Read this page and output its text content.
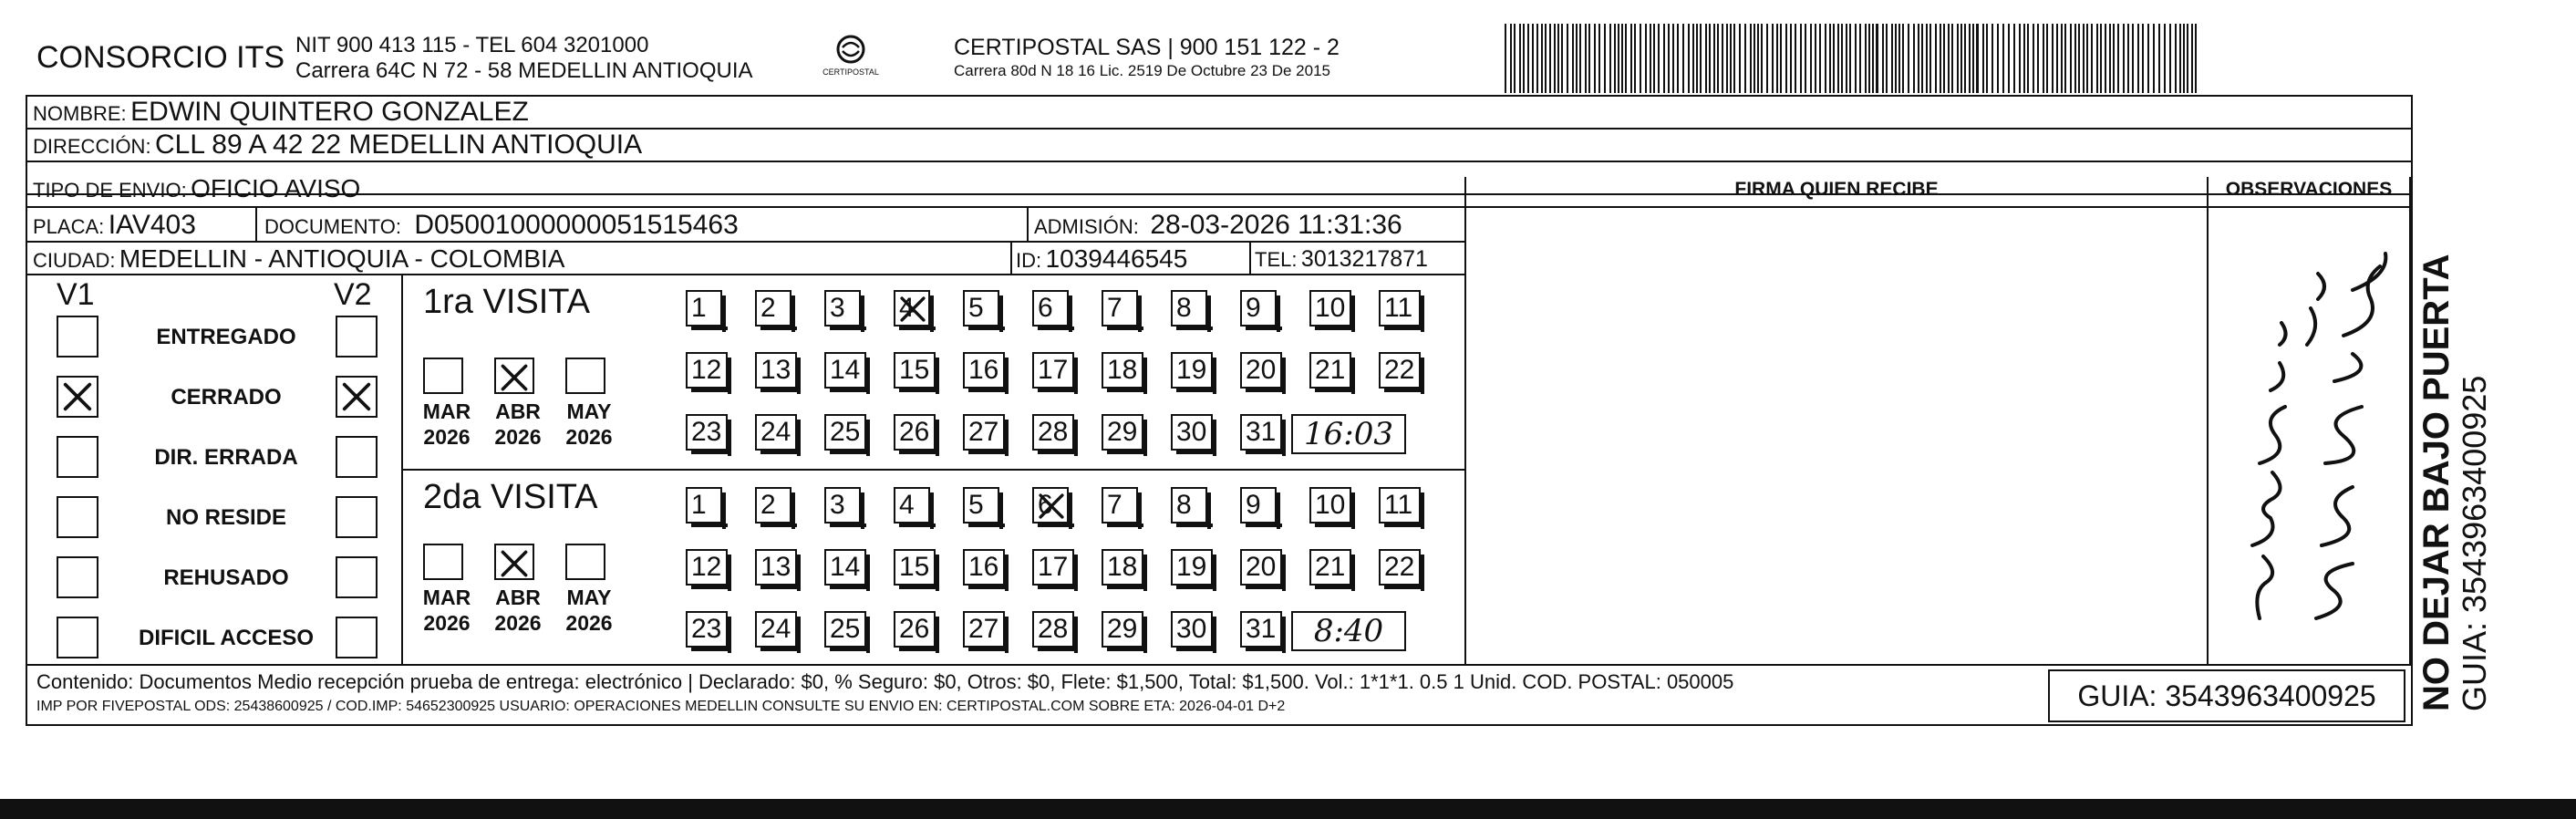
CONSORCIO ITS NIT 900 413 115 - TEL 604 3201000
Carrera 64C N 72 - 58 MEDELLIN ANTIOQUIA	CERTIPOSTAL
CERTIPOSTAL SAS | 900 151 122 - 2
Carrera 80d N 18 16 Lic. 2519 De Octubre 23 De 2015
NOMBRE: EDWIN QUINTERO GONZALEZ
DIRECCIÓN: CLL 89 A 42 22 MEDELLIN ANTIOQUIA
TIPO DE ENVIO: OFICIO AVISO	FIRMA QUIEN RECIBE	OBSERVACIONES
PLACA: IAV403	DOCUMENTO: D05001000000051515463	ADMISIÓN: 28-03-2026 11:31:36
CIUDAD: MEDELLIN - ANTIOQUIA - COLOMBIA	ID: 1039446545	TEL: 3013217871
V1	V2
ENTREGADO
CERRADO
DIR. ERRADA
NO RESIDE
REHUSADO
DIFICIL ACCESO
1ra VISITA
2da VISITA
MAR
2026
ABR
2026
MAY
2026
MAR
2026
ABR
2026
MAY
2026
1	2	3	4	5	6	7	8	9	10 11
12 13 14 15 16 17 18 19 20 21 22
23 24 25 26 27 28 29 30 31 16:03
1	2	3	4	5	6	7	8	9	10 11
12 13 14 15 16 17 18 19 20 21 22
23 24 25 26 27 28 29 30 31	8:40	NO DEJAR BAJO PUERTA GUIA: 3543963400925
Contenido: Documentos Medio recepción prueba de entrega: electrónico | Declarado: $0, % Seguro: $0, Otros: $0, Flete: $1,500, Total: $1,500. Vol.: 1*1*1. 0.5 1 Unid. COD. POSTAL: 050005
IMP POR FIVEPOSTAL ODS: 25438600925 / COD.IMP: 54652300925 USUARIO: OPERACIONES MEDELLIN CONSULTE SU ENVIO EN: CERTIPOSTAL.COM SOBRE ETA: 2026-04-01 D+2	GUIA: 3543963400925
